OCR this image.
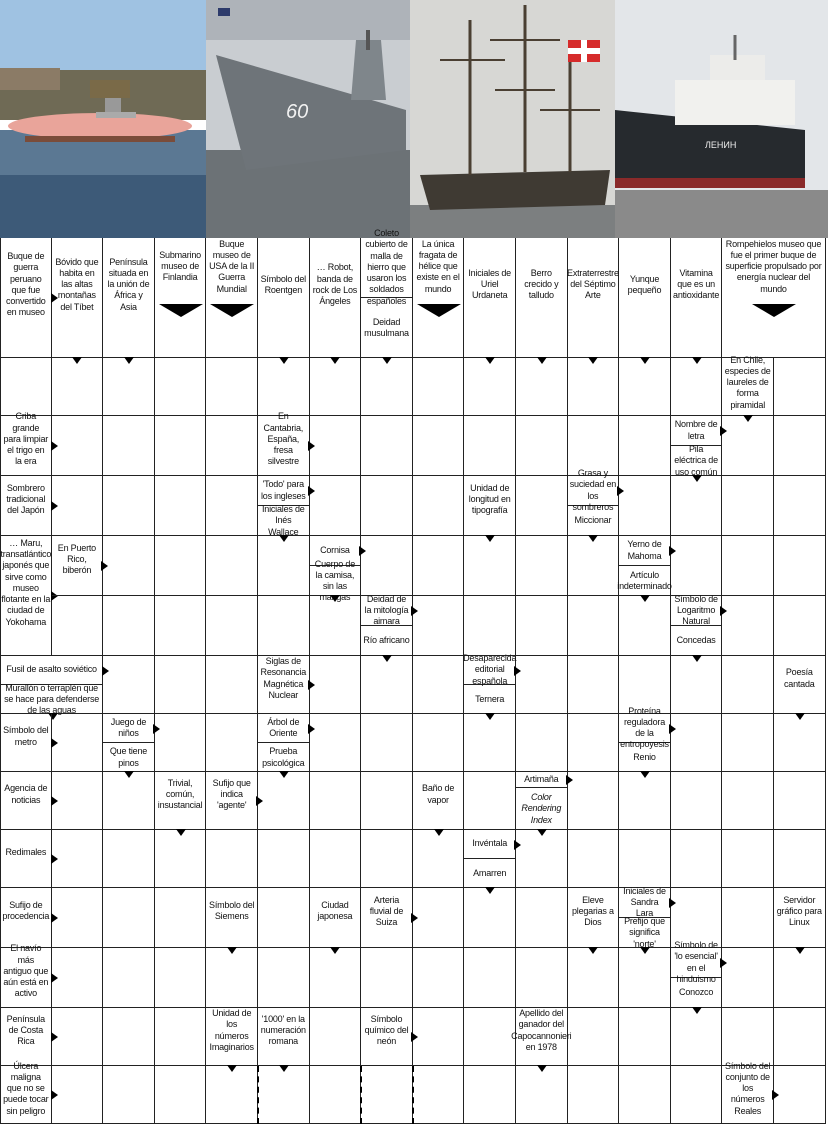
60
ЛЕНИН
Buque de guerra peruano que fue convertido en museo
Bóvido que habita en las altas montañas del Tíbet
Península situada en la unión de África y Asia
Submarino museo de Finlandia
Buque museo de USA de la II Guerra Mundial
Símbolo del Roentgen
… Robot, banda de rock de Los Ángeles
cubierto de malla de hierro que usaron los soldados españoles
Deidad musulmana
La única fragata de hélice que existe en el mundo
Iniciales de Uriel Urdaneta
Berro crecido y talludo
Extraterrestre del Séptimo Arte
Yunque pequeño
Vitamina que es un antioxidante
Rompehielos museo que fue el primer buque de superficie propulsado por energía nuclear del mundo
En Chile, especies de laureles de forma piramidal
Criba grande para limpiar el trigo en la era
En Cantabria, España, fresa silvestre
Nombre de letra
Pila eléctrica de uso común
Sombrero tradicional del Japón
'Todo' para los ingleses
Iniciales de Inés Wallace
Unidad de longitud en tipografía
Grasa y suciedad en los sombreros
Miccionar
… Maru, transatlántico japonés que sirve como museo flotante en la ciudad de Yokohama
En Puerto Rico, biberón
Cornisa
Cuerpo de la camisa, sin las mangas
Yerno de Mahoma
Artículo indeterminado
Deidad de la mitología aimara
Río africano
Símbolo de Logaritmo Natural
Concedas
Fusil de asalto soviético
Murallón o terraplén que se hace para defenderse de las aguas
Siglas de Resonancia Magnética Nuclear
Desaparecida editorial española
Ternera
Poesía cantada
Símbolo del metro
Juego de niños
Que tiene pinos
Árbol de Oriente
Prueba psicológica
Proteína reguladora de la entropoyesis
Renio
Agencia de noticias
Trivial, común, insustancial
Sufijo que indica 'agente'
Baño de vapor
Artimaña
Color Rendering Index
Redimales
Invéntala
Amarren
Sufijo de procedencia
Símbolo del Siemens
Ciudad japonesa
Arteria fluvial de Suiza
Eleve plegarias a Dios
Iniciales de Sandra Lara
Prefijo que significa 'norte'
Servidor gráfico para Linux
El navío más antiguo que aún está en activo
Símbolo de 'lo esencial' en el hinduismo
Conozco
Península de Costa Rica
Unidad de los números Imaginarios
'1000' en la numeración romana
Símbolo químico del neón
Apellido del ganador del Capocannonieri en 1978
Úlcera maligna que no se puede tocar sin peligro
Símbolo del conjunto de los números Reales
